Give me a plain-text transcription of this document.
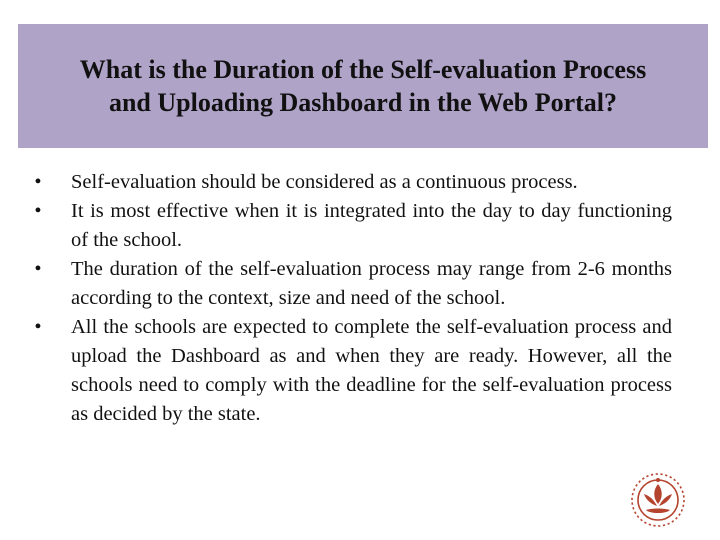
What is the Duration of the Self-evaluation Process
and Uploading Dashboard in the Web Portal?
•	Self-evaluation should be considered as a continuous process.
•	It is most effective when it is integrated into the day to day functioning of the school.
•	The duration of the self-evaluation process may range from 2-6 months according to the context, size and need of the school.
•	All the schools are expected to complete the self-evaluation process and upload the Dashboard as and when they are ready. However, all the schools need to comply with the deadline for the self-evaluation process as decided by the state.
